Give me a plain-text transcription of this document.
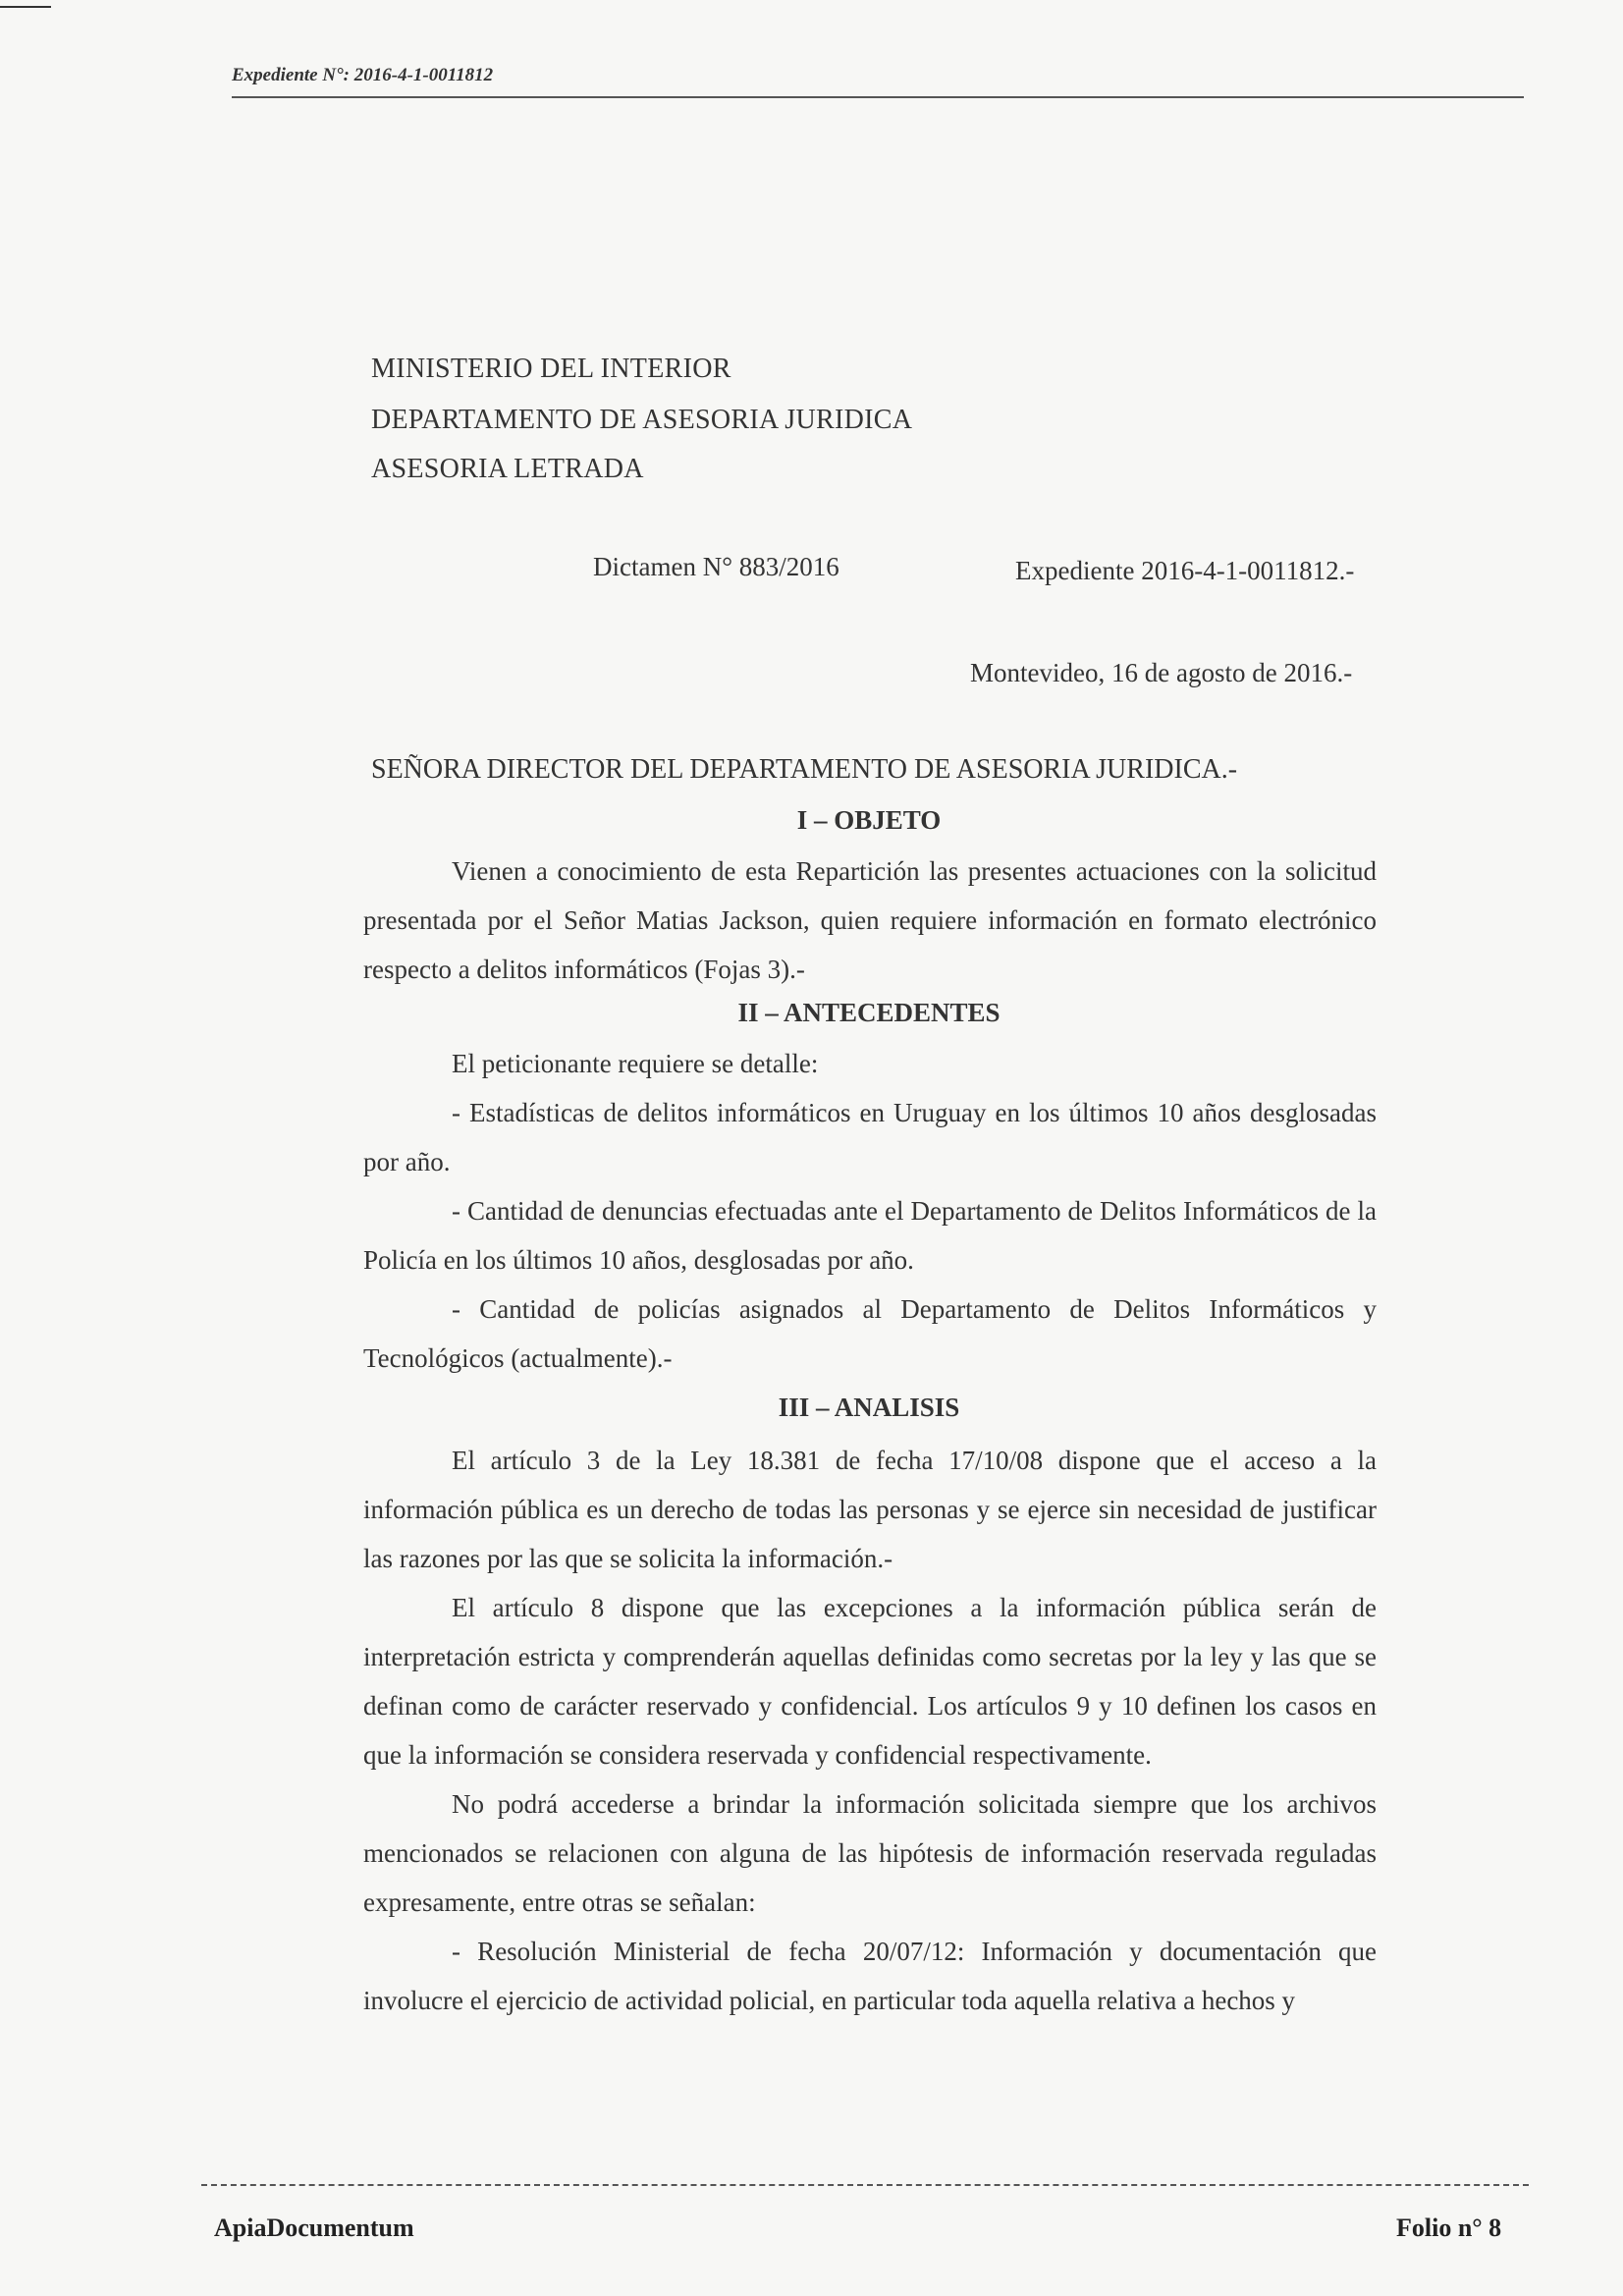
Expediente N°: 2016-4-1-0011812
MINISTERIO DEL INTERIOR
DEPARTAMENTO DE ASESORIA JURIDICA
ASESORIA LETRADA
Dictamen N° 883/2016	Expediente 2016-4-1-0011812.-
Montevideo, 16 de agosto de 2016.-
SEÑORA DIRECTOR DEL DEPARTAMENTO DE ASESORIA JURIDICA.-
I – OBJETO

Vienen a conocimiento de esta Repartición las presentes actuaciones con la solicitud presentada por el Señor Matias Jackson, quien requiere información en formato electrónico respecto a delitos informáticos (Fojas 3).-

II – ANTECEDENTES

El peticionante requiere se detalle:

- Estadísticas de delitos informáticos en Uruguay en los últimos 10 años desglosadas por año.

- Cantidad de denuncias efectuadas ante el Departamento de Delitos Informáticos de la Policía en los últimos 10 años, desglosadas por año.

- Cantidad de policías asignados al Departamento de Delitos Informáticos y Tecnológicos (actualmente).-

III – ANALISIS

El artículo 3 de la Ley 18.381 de fecha 17/10/08 dispone que el acceso a la información pública es un derecho de todas las personas y se ejerce sin necesidad de justificar las razones por las que se solicita la información.-

El artículo 8 dispone que las excepciones a la información pública serán de interpretación estricta y comprenderán aquellas definidas como secretas por la ley y las que se definan como de carácter reservado y confidencial. Los artículos 9 y 10 definen los casos en que la información se considera reservada y confidencial respectivamente.

No podrá accederse a brindar la información solicitada siempre que los archivos mencionados se relacionen con alguna de las hipótesis de información reservada reguladas expresamente, entre otras se señalan:

- Resolución Ministerial de fecha 20/07/12: Información y documentación que involucre el ejercicio de actividad policial, en particular toda aquella relativa a hechos y

ApiaDocumentum	Folio n° 8
